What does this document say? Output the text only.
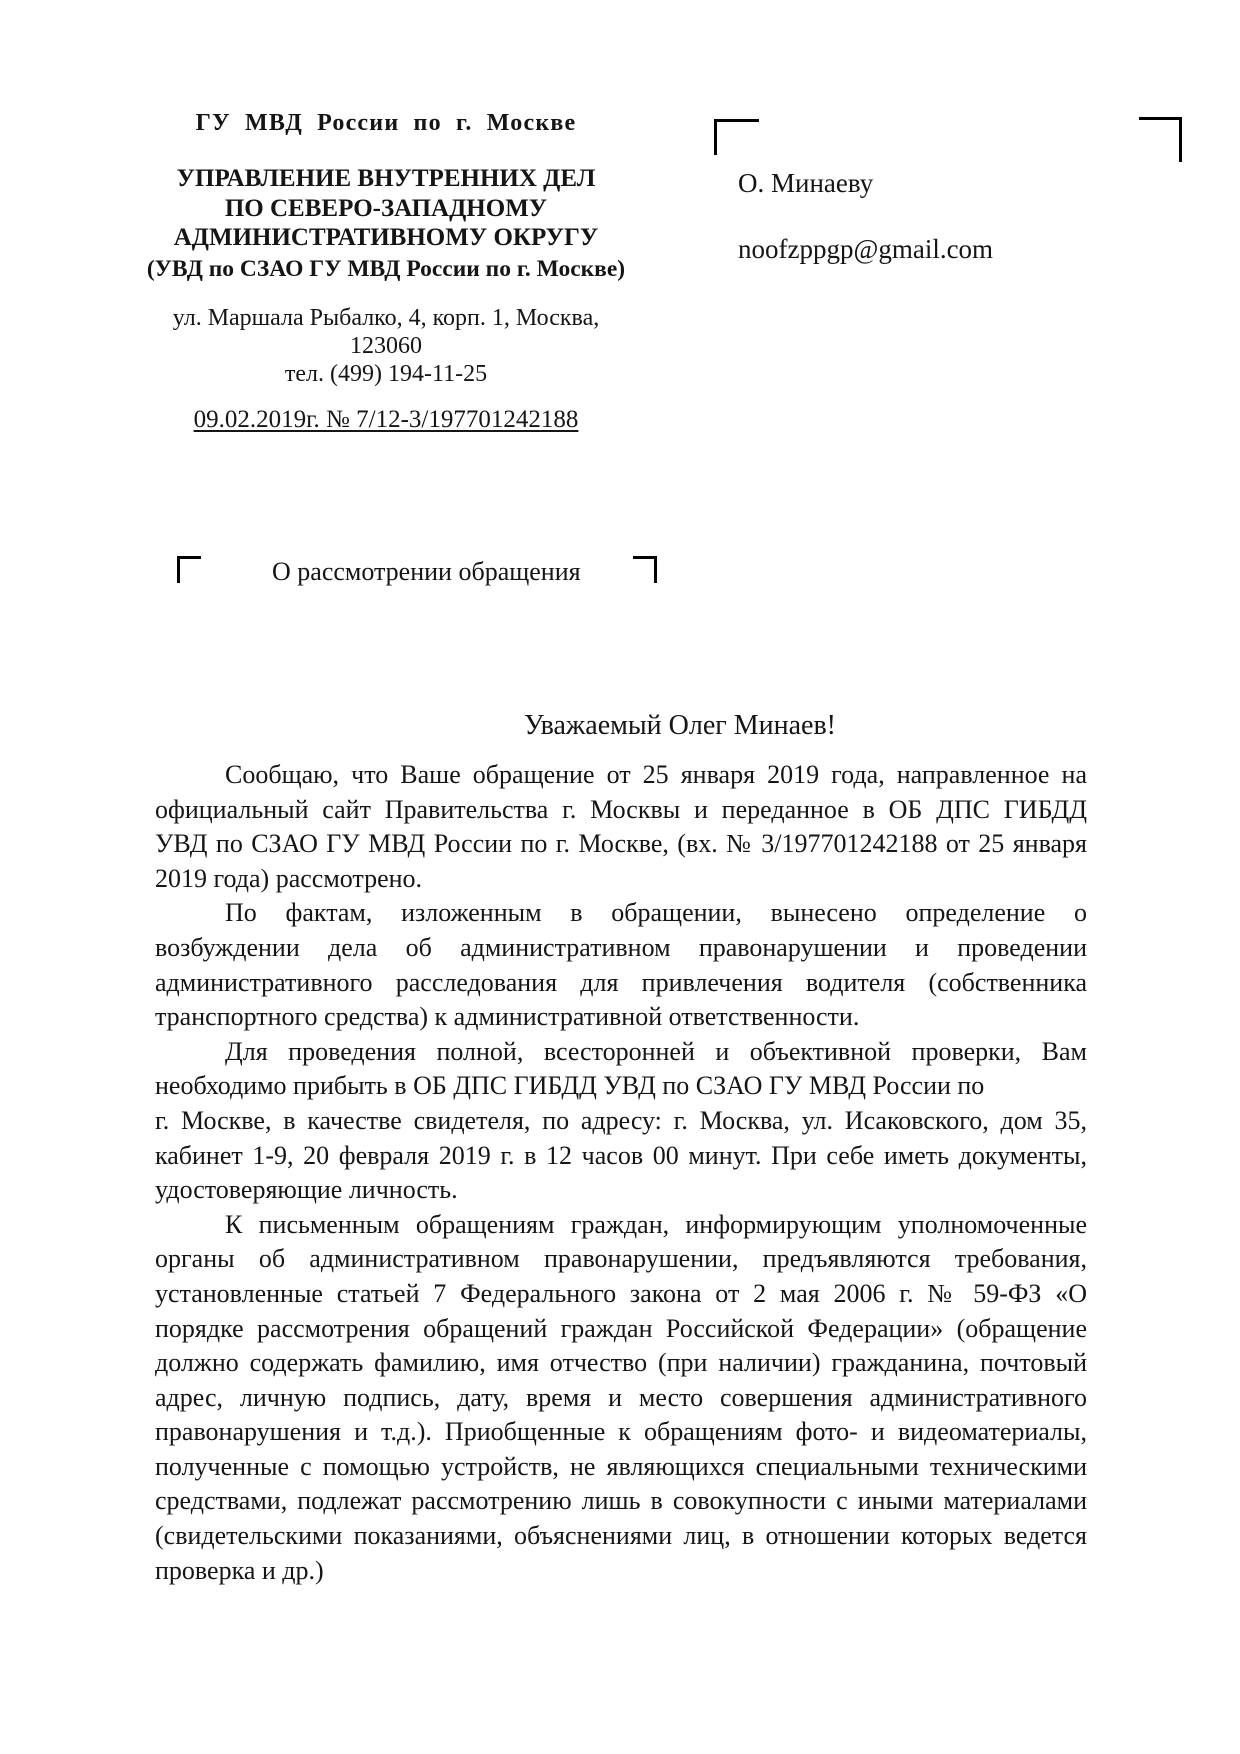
ГУ МВД России по г. Москве
УПРАВЛЕНИЕ ВНУТРЕННИХ ДЕЛ
ПО СЕВЕРО-ЗАПАДНОМУ
АДМИНИСТРАТИВНОМУ ОКРУГУ
(УВД по СЗАО ГУ МВД России по г. Москве)
ул. Маршала Рыбалко, 4, корп. 1, Москва, 123060
тел. (499) 194-11-25
09.02.2019г. № 7/12-3/197701242188
О. Минаеву
noofzppgp@gmail.com
О рассмотрении обращения
Уважаемый Олег Минаев!
Сообщаю, что Ваше обращение от 25 января 2019 года, направленное на
официальный сайт Правительства г. Москвы и переданное в ОБ ДПС ГИБДД
УВД по СЗАО ГУ МВД России по г. Москве, (вх. № 3/197701242188 от 25 января
2019 года) рассмотрено.
По фактам, изложенным в обращении, вынесено определение о
возбуждении дела об административном правонарушении и проведении
административного расследования для привлечения водителя (собственника
транспортного средства) к административной ответственности.
Для проведения полной, всесторонней и объективной проверки, Вам
необходимо прибыть в ОБ ДПС ГИБДД УВД по СЗАО ГУ МВД России по
г. Москве, в качестве свидетеля, по адресу: г. Москва, ул. Исаковского, дом 35,
кабинет 1-9, 20 февраля 2019 г. в 12 часов 00 минут. При себе иметь документы,
удостоверяющие личность.
К письменным обращениям граждан, информирующим уполномоченные
органы об административном правонарушении, предъявляются требования,
установленные статьей 7 Федерального закона от 2 мая 2006 г. № 59-ФЗ «О
порядке рассмотрения обращений граждан Российской Федерации» (обращение
должно содержать фамилию, имя отчество (при наличии) гражданина, почтовый
адрес, личную подпись, дату, время и место совершения административного
правонарушения и т.д.). Приобщенные к обращениям фото- и видеоматериалы,
полученные с помощью устройств, не являющихся специальными техническими
средствами, подлежат рассмотрению лишь в совокупности с иными материалами
(свидетельскими показаниями, объяснениями лиц, в отношении которых ведется
проверка и др.)
